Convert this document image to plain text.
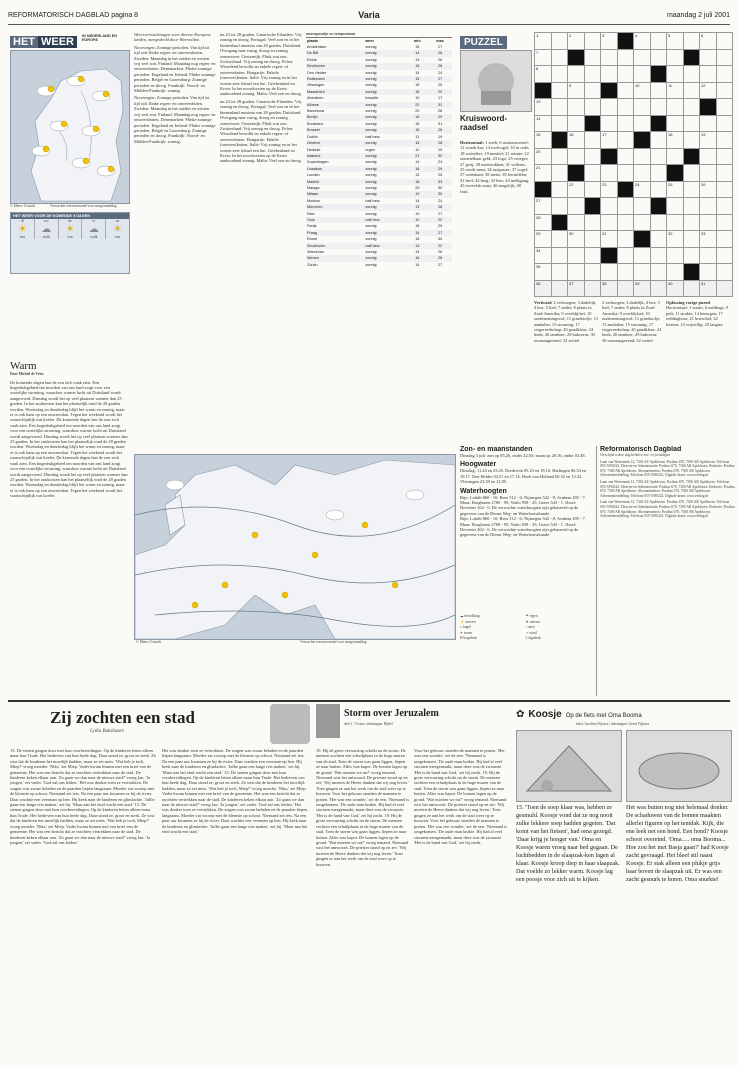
REFORMATORISCH DAGBLAD pagina 8	Varia	maandag 2 juli 2001
HET WEER IN NEDERLAND EN EUROPA
© Meteo Consult	Verwachte weerstoestand voor morgenmiddag
HET WEER VOOR DE KOMENDE 5 DAGEN
di
☀
zon
wo
☁
wolk
do
☀
zon
vr
☁
wolk
za
☀
zon

Weersverwachtingen voor diverse Europese landen, meegedeeld door Weeronline.

Noorwegen: Zonnige perioden. Van tijd tot tijd ook flinke regen- en onweersbuien. Zweden: Maandag in het zuiden en westen vrij veel zon. Finland: Maandag nog regen- en onweersbuien. Denemarken: Flinke zonnige perioden. Engeland en Ierland: Flinke zonnige perioden. België en Luxemburg: Zonnige perioden en droog. Frankrijk: Noord- en Midden-Frankrijk: zonnig.

Noorwegen: Zonnige perioden. Van tijd tot tijd ook flinke regen- en onweersbuien. Zweden: Maandag in het zuiden en westen vrij veel zon. Finland: Maandag nog regen- en onweersbuien. Denemarken: Flinke zonnige perioden. Engeland en Ierland: Flinke zonnige perioden. België en Luxemburg: Zonnige perioden en droog. Frankrijk: Noord- en Midden-Frankrijk: zonnig.

nu 23 tot 28 graden. Canarische Eilanden: Vrij zonnig en droog. Portugal: Veel zon en in het binnenland maxima van 28 graden. Duitsland: Overgang naar rustig, droog en zonnig zomerweer. Oostenrijk: Flink wat zon. Zwitserland: Vrij zonnig en droog. Polen: Wisselend bewolkt en enkele regen- of onweersbuien. Hongarije: Enkele (onweers)buien. Italië: Vrij zonnig en in het oosten zeer lokaal een bui. Griekenland en Kreta: In het noordoosten op de Kreta aanhoudend zonnig. Malta: Veel zon en droog.

nu 23 tot 28 graden. Canarische Eilanden: Vrij zonnig en droog. Portugal: Veel zon en in het binnenland maxima van 28 graden. Duitsland: Overgang naar rustig, droog en zonnig zomerweer. Oostenrijk: Flink wat zon. Zwitserland: Vrij zonnig en droog. Polen: Wisselend bewolkt en enkele regen- of onweersbuien. Hongarije: Enkele (onweers)buien. Italië: Vrij zonnig en in het oosten zeer lokaal een bui. Griekenland en Kreta: In het noordoosten op de Kreta aanhoudend zonnig. Malta: Veel zon en droog.

weerspoortje en temperatuur
plaats	weer	min	max
Amsterdam	zonnig	15	27
De Bilt	zonnig	14	28
Eelde	zonnig	13	26
Eindhoven	zonnig	15	28
Den Helder	zonnig	14	24
Rotterdam	zonnig	15	27
Vlissingen	zonnig	15	25
Maastricht	zonnig	16	29
Aberdeen	bewolkt	10	17
Athene	zonnig	22	32
Barcelona	zonnig	20	28
Berlijn	zonnig	15	29
Bordeaux	zonnig	16	31
Brussel	zonnig	15	28
Dublin	half bew.	11	19
Genève	zonnig	15	28
Helsinki	regen	12	19
Istanbul	zonnig	21	30
Kopenhagen	zonnig	14	24
Lissabon	zonnig	18	29
Londen	zonnig	13	25
Madrid	zonnig	18	33
Malaga	zonnig	20	30
Milaan	zonnig	19	30
Moskou	half bew.	14	24
München	zonnig	13	28
Nice	zonnig	19	27
Oslo	half bew.	12	22
Parijs	zonnig	15	29
Praag	zonnig	14	27
Rome	zonnig	18	30
Stockholm	half bew.	13	22
Warschau	zonnig	14	26
Wenen	zonnig	16	28
Zürich	zonnig	14	27
Warm
Door Michiel de Vries
De komende dagen laat de zon zich vaak zien. Een hogedrukgebied ten noorden van ons land zorgt voor een oostelijke stroming, waardoor warme lucht uit Duitsland wordt aangevoerd. Dinsdag wordt het op veel plaatsen warmer dan 25 graden. In het zuidoosten kan het plaatselijk rond de 28 graden worden. Woensdag en donderdag blijft het warm en zonnig, maar er is ook kans op een onweersbui. Tegen het weekend wordt het waarschijnlijk wat koeler. De komende dagen laat de zon zich vaak zien. Een hogedrukgebied ten noorden van ons land zorgt voor een oostelijke stroming, waardoor warme lucht uit Duitsland wordt aangevoerd. Dinsdag wordt het op veel plaatsen warmer dan 25 graden. In het zuidoosten kan het plaatselijk rond de 28 graden worden. Woensdag en donderdag blijft het warm en zonnig, maar er is ook kans op een onweersbui. Tegen het weekend wordt het waarschijnlijk wat koeler. De komende dagen laat de zon zich vaak zien. Een hogedrukgebied ten noorden van ons land zorgt voor een oostelijke stroming, waardoor warme lucht uit Duitsland wordt aangevoerd. Dinsdag wordt het op veel plaatsen warmer dan 25 graden. In het zuidoosten kan het plaatselijk rond de 28 graden worden. Woensdag en donderdag blijft het warm en zonnig, maar er is ook kans op een onweersbui. Tegen het weekend wordt het waarschijnlijk wat koeler.
© Meteo Consult	Verwachte weerstoestand voor morgenmiddag
PUZZEL
Kruiswoord-raadsel
Horizontaal: 1 werk; 6 stationstoestel; 12 woerk kar; 14 roofvogel; 16 in orde; 18 waterdier; 19 meubel; 21 ruimte; 22 onmetelbaar geld; 23 logo; 25 vroeger; 27 getij; 28 meetstokken; 31 vollerer; 33 roode mast; 34 rustpauze; 37 vogel; 37 waterkant; 38 mens; 39 ferrarifilm; 41 heel; 42 berg; 43 bier; 44 melkgang; 45 tweevlak mast; 46 mogelijk; 48 fruit.
Verticaal: 2 verhoogen; 3 dadelijk; 4 bos; 5 lied; 7 onder; 8 plaats in Zuid-Amerika; 9 overblijfsel; 10 ondernemingsvol; 11 grindstofje; 13 aanhalen; 15 stroming; 17 visgereedschap; 20 goudkleur; 24 hoek; 26 tamboer; 29 bakvorm; 30 toonaangevend; 32 wettel.
2 verhoogen; 3 dadelijk; 4 bos; 5 lied; 7 onder; 8 plaats in Zuid-Amerika; 9 overblijfsel; 10 ondernemingsvol; 11 grindstofje; 13 aanhalen; 15 stroming; 17 visgereedschap; 20 goudkleur; 24 hoek; 26 tamboer; 29 bakvorm; 30 toonaangevend; 32 wettel.
Oplossing vorige puzzel
Horizontaal: 1 waskt; 6 meltbagt; 9 pult; 11 strakte; 14 bezorgen; 17 reddingboot; 21 brieschol; 22 lesteen; 23 vrijwillig; 25 langste.
1		2		3		4		5		6	

7											

8											

		9				10		11		12	

13											

14											

15		16		17				18		19	

20											

21											

		22		23		24		25		26	

27											

28											

29		30		31				32		33	

34											

35											

36		37		38		39		40		41	

Zon- en maanstanden
Dinsdag 3 juli: zon op 05.26, onder 22.03; maan op 20.16, onder 03.48.
Hoogwater
Dinsdag: 11.24 en 23.45. Dordrecht 05.23 en 18.16. Harlingen 06.54 en 19.17. Den Helder 04.51 en 17.14. Hoek van Holland 00.52 en 13.32. Vlissingen 23.39 en 12.05.
Waterhoogten
Rijn: Lobith 860 - 10; Rees 512 - 6; Nijmegen 542 - 8; Arnhem 495 - 7. Maas: Borgharen 2780 - 95; Venlo 958 - 25; Grave 543 - 1. IJssel: Deventer 262 - 6. De verwachte waterhoogten zijn gebaseerd op de gegevens van de Dienst Weg- en Waterbouwkunde.
Rijn: Lobith 860 - 10; Rees 512 - 6; Nijmegen 542 - 8; Arnhem 495 - 7. Maas: Borgharen 2780 - 95; Venlo 958 - 25; Grave 543 - 1. IJssel: Deventer 262 - 6. De verwachte waterhoogten zijn gebaseerd op de gegevens van de Dienst Weg- en Waterbouwkunde.
☁ bewolking	☂ regen
⚡ onweer	❄ sneeuw
∘ hagel	≡ mist
✶ storm	➝ wind
H hogedruk	L lagedruk
Reformatorisch Dagblad
Verschijnt iedere dag behalve zon- en feestdagen
Laan van Westenenk 12, 7336 AZ Apeldoorn. Postbus 670, 7300 AR Apeldoorn. Telefoon 055-5390222. Directie en Administratie: Postbus 670, 7300 AR Apeldoorn. Redactie: Postbus 670, 7300 AR Apeldoorn. Abonnementen: Postbus 670, 7300 AR Apeldoorn. Advertentieafdeling: Telefoon 055-5390222. Digitale krant: www.refdag.nl
Laan van Westenenk 12, 7336 AZ Apeldoorn. Postbus 670, 7300 AR Apeldoorn. Telefoon 055-5390222. Directie en Administratie: Postbus 670, 7300 AR Apeldoorn. Redactie: Postbus 670, 7300 AR Apeldoorn. Abonnementen: Postbus 670, 7300 AR Apeldoorn. Advertentieafdeling: Telefoon 055-5390222. Digitale krant: www.refdag.nl
Laan van Westenenk 12, 7336 AZ Apeldoorn. Postbus 670, 7300 AR Apeldoorn. Telefoon 055-5390222. Directie en Administratie: Postbus 670, 7300 AR Apeldoorn. Redactie: Postbus 670, 7300 AR Apeldoorn. Abonnementen: Postbus 670, 7300 AR Apeldoorn. Advertentieafdeling: Telefoon 055-5390222. Digitale krant: www.refdag.nl
Zij zochten een stad
Lydia Buksbazen
15. De stenen gingen door met hun voorbereidingen. Op de kinderen letten alleen maar hun Trude. Het bedreven van hun heele dag. Daar stond ze, groot en sterk. Ze wist dat de kinderen het moeilijk hadden, maar ze zei niets. 'Wat heb je toch, Miep?' vroeg moeder. 'Niks,' zei Miep. Vader kwam binnen met een brief van de gemeente. Het was een bericht dat ze mochten vertrekken naar de stad. De kinderen keken elkaar aan. 'Zo gaan we dan naar de nieuwe stad?' vroeg Jan. 'Ja jongen,' zei vader. 'God zal ons leiden.' Het was donker toen ze vertrokken. De wagen was zwaar beladen en de paarden liepen langzaam. Moeder zat voorop met de kleinste op schoot. Niemand zei iets. Na een paar uur kwamen ze bij de rivier. Daar wachtte een veerman op hen. Hij keek naar de kinderen en glimlachte. 'Jullie gaan een lange reis maken,' zei hij. 'Maar aan het eind wacht een stad.' 15. De stenen gingen door met hun voorbereidingen. Op de kinderen letten alleen maar hun Trude. Het bedreven van hun heele dag. Daar stond ze, groot en sterk. Ze wist dat de kinderen het moeilijk hadden, maar ze zei niets. 'Wat heb je toch, Miep?' vroeg moeder. 'Niks,' zei Miep. Vader kwam binnen met een brief van de gemeente. Het was een bericht dat ze mochten vertrekken naar de stad. De kinderen keken elkaar aan. 'Zo gaan we dan naar de nieuwe stad?' vroeg Jan. 'Ja jongen,' zei vader. 'God zal ons leiden.'
Het was donker toen ze vertrokken. De wagen was zwaar beladen en de paarden liepen langzaam. Moeder zat voorop met de kleinste op schoot. Niemand zei iets. Na een paar uur kwamen ze bij de rivier. Daar wachtte een veerman op hen. Hij keek naar de kinderen en glimlachte. 'Jullie gaan een lange reis maken,' zei hij. 'Maar aan het eind wacht een stad.' 15. De stenen gingen door met hun voorbereidingen. Op de kinderen letten alleen maar hun Trude. Het bedreven van hun heele dag. Daar stond ze, groot en sterk. Ze wist dat de kinderen het moeilijk hadden, maar ze zei niets. 'Wat heb je toch, Miep?' vroeg moeder. 'Niks,' zei Miep. Vader kwam binnen met een brief van de gemeente. Het was een bericht dat ze mochten vertrekken naar de stad. De kinderen keken elkaar aan. 'Zo gaan we dan naar de nieuwe stad?' vroeg Jan. 'Ja jongen,' zei vader. 'God zal ons leiden.' Het was donker toen ze vertrokken. De wagen was zwaar beladen en de paarden liepen langzaam. Moeder zat voorop met de kleinste op schoot. Niemand zei iets. Na een paar uur kwamen ze bij de rivier. Daar wachtte een veerman op hen. Hij keek naar de kinderen en glimlachte. 'Jullie gaan een lange reis maken,' zei hij. 'Maar aan het eind wacht een stad.'
Storm over Jeruzalem
deel 1 | Vrouw, tekeningen, Bijbel
19. Hij de grote verwarring schrikt na de storm. De mensen zochten een schuilplaats in de hoge muren van de stad. Toen de storm was gaan liggen, liepen ze naar buiten. Alles was kapot. De bomen lagen op de grond. 'Wat moeten we nu?' vroeg iemand. Niemand wist het antwoord. De priester stond op en zei: 'Wij moeten de Heere danken dat wij nog leven.' Toen gingen ze aan het werk om de stad weer op te bouwen. Voor het gebouw stonden de mannen te praten. 'Het was een wonder,' zei de een. 'Niemand is omgekomen.' De oude man knikte. Hij had al veel stormen meegemaakt, maar deze was de zwaarste. 'Het is de hand van God,' zei hij zacht. 19. Hij de grote verwarring schrikt na de storm. De mensen zochten een schuilplaats in de hoge muren van de stad. Toen de storm was gaan liggen, liepen ze naar buiten. Alles was kapot. De bomen lagen op de grond. 'Wat moeten we nu?' vroeg iemand. Niemand wist het antwoord. De priester stond op en zei: 'Wij moeten de Heere danken dat wij nog leven.' Toen gingen ze aan het werk om de stad weer op te bouwen.
Voor het gebouw stonden de mannen te praten. 'Het was een wonder,' zei de een. 'Niemand is omgekomen.' De oude man knikte. Hij had al veel stormen meegemaakt, maar deze was de zwaarste. 'Het is de hand van God,' zei hij zacht. 19. Hij de grote verwarring schrikt na de storm. De mensen zochten een schuilplaats in de hoge muren van de stad. Toen de storm was gaan liggen, liepen ze naar buiten. Alles was kapot. De bomen lagen op de grond. 'Wat moeten we nu?' vroeg iemand. Niemand wist het antwoord. De priester stond op en zei: 'Wij moeten de Heere danken dat wij nog leven.' Toen gingen ze aan het werk om de stad weer op te bouwen. Voor het gebouw stonden de mannen te praten. 'Het was een wonder,' zei de een. 'Niemand is omgekomen.' De oude man knikte. Hij had al veel stormen meegemaakt, maar deze was de zwaarste. 'Het is de hand van God,' zei hij zacht.
✿ Koosje Op de fiets met Oma Booma
tekst: Jacolien Fijkstra | tekeningen: Gerrit Fijkstra
15. 'Toen de soep klaar was, hebben ze gesmuld. Koosje vond dat ze nog nooit zulke lekkere soep hadden gegeten. 'Dat komt van het fietsen', had oma gezegd. 'Daar krijg je honger van.' Oma en Koosje waren vroeg naar bed gegaan. De luchtbedden in de slaapzak-ken lagen al klaar. Koosje kroop diep in haar slaapzak. Dat voelde zo lekker warm. Koosje lag een poosje voor zich uit te kijken.
Het was buiten nog niet helemaal donker. De schaduwen van de bomen maakten allerlei figuren op het tentdak. Kijk, die ene leek net een hond. Een hond? Koosje schoot overeind. 'Oma..... oma Booma... Hoe zou het met Basja gaan?' had Koosje zacht gevraagd. Het bleef stil naast Koosje. Er stak alleen een plukje grijs haar boven de slaapzak uit. Er was een zacht gesnurk te horen. Oma snurkte!
